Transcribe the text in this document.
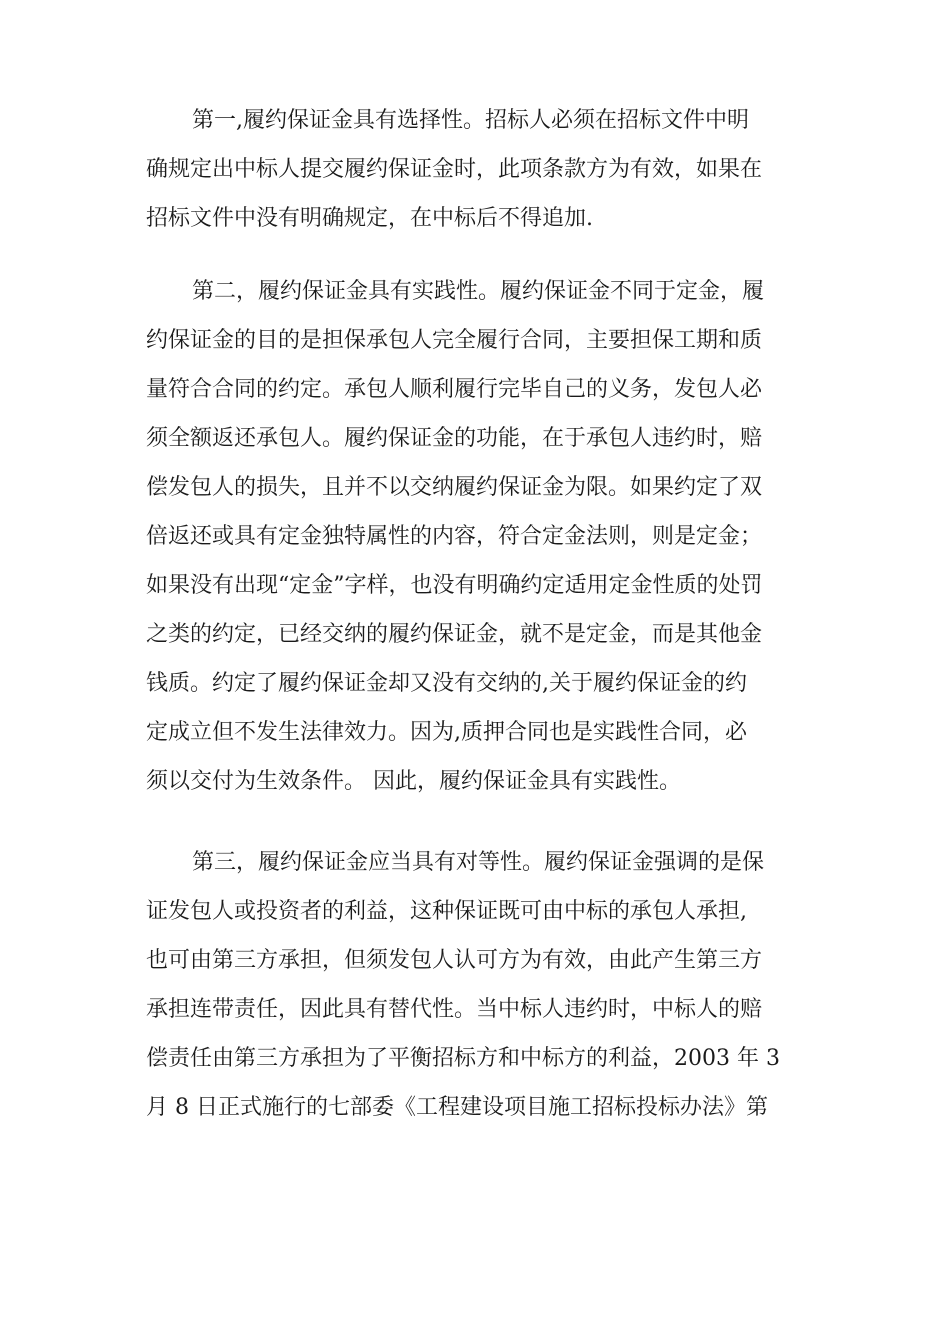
第一,履约保证金具有选择性。招标人必须在招标文件中明
确规定出中标人提交履约保证金时，此项条款方为有效，如果在
招标文件中没有明确规定，在中标后不得追加.
第二，履约保证金具有实践性。履约保证金不同于定金，履
约保证金的目的是担保承包人完全履行合同，主要担保工期和质
量符合合同的约定。承包人顺利履行完毕自己的义务，发包人必
须全额返还承包人。履约保证金的功能，在于承包人违约时，赔
偿发包人的损失，且并不以交纳履约保证金为限。如果约定了双
倍返还或具有定金独特属性的内容，符合定金法则，则是定金；
如果没有出现“定金”字样，也没有明确约定适用定金性质的处罚
之类的约定，已经交纳的履约保证金，就不是定金，而是其他金
钱质。约定了履约保证金却又没有交纳的,关于履约保证金的约
定成立但不发生法律效力。因为,质押合同也是实践性合同，必
须以交付为生效条件。 因此，履约保证金具有实践性。
第三，履约保证金应当具有对等性。履约保证金强调的是保
证发包人或投资者的利益，这种保证既可由中标的承包人承担,
也可由第三方承担，但须发包人认可方为有效，由此产生第三方
承担连带责任，因此具有替代性。当中标人违约时，中标人的赔
偿责任由第三方承担为了平衡招标方和中标方的利益，2003 年 3
月 8 日正式施行的七部委《工程建设项目施工招标投标办法》第
